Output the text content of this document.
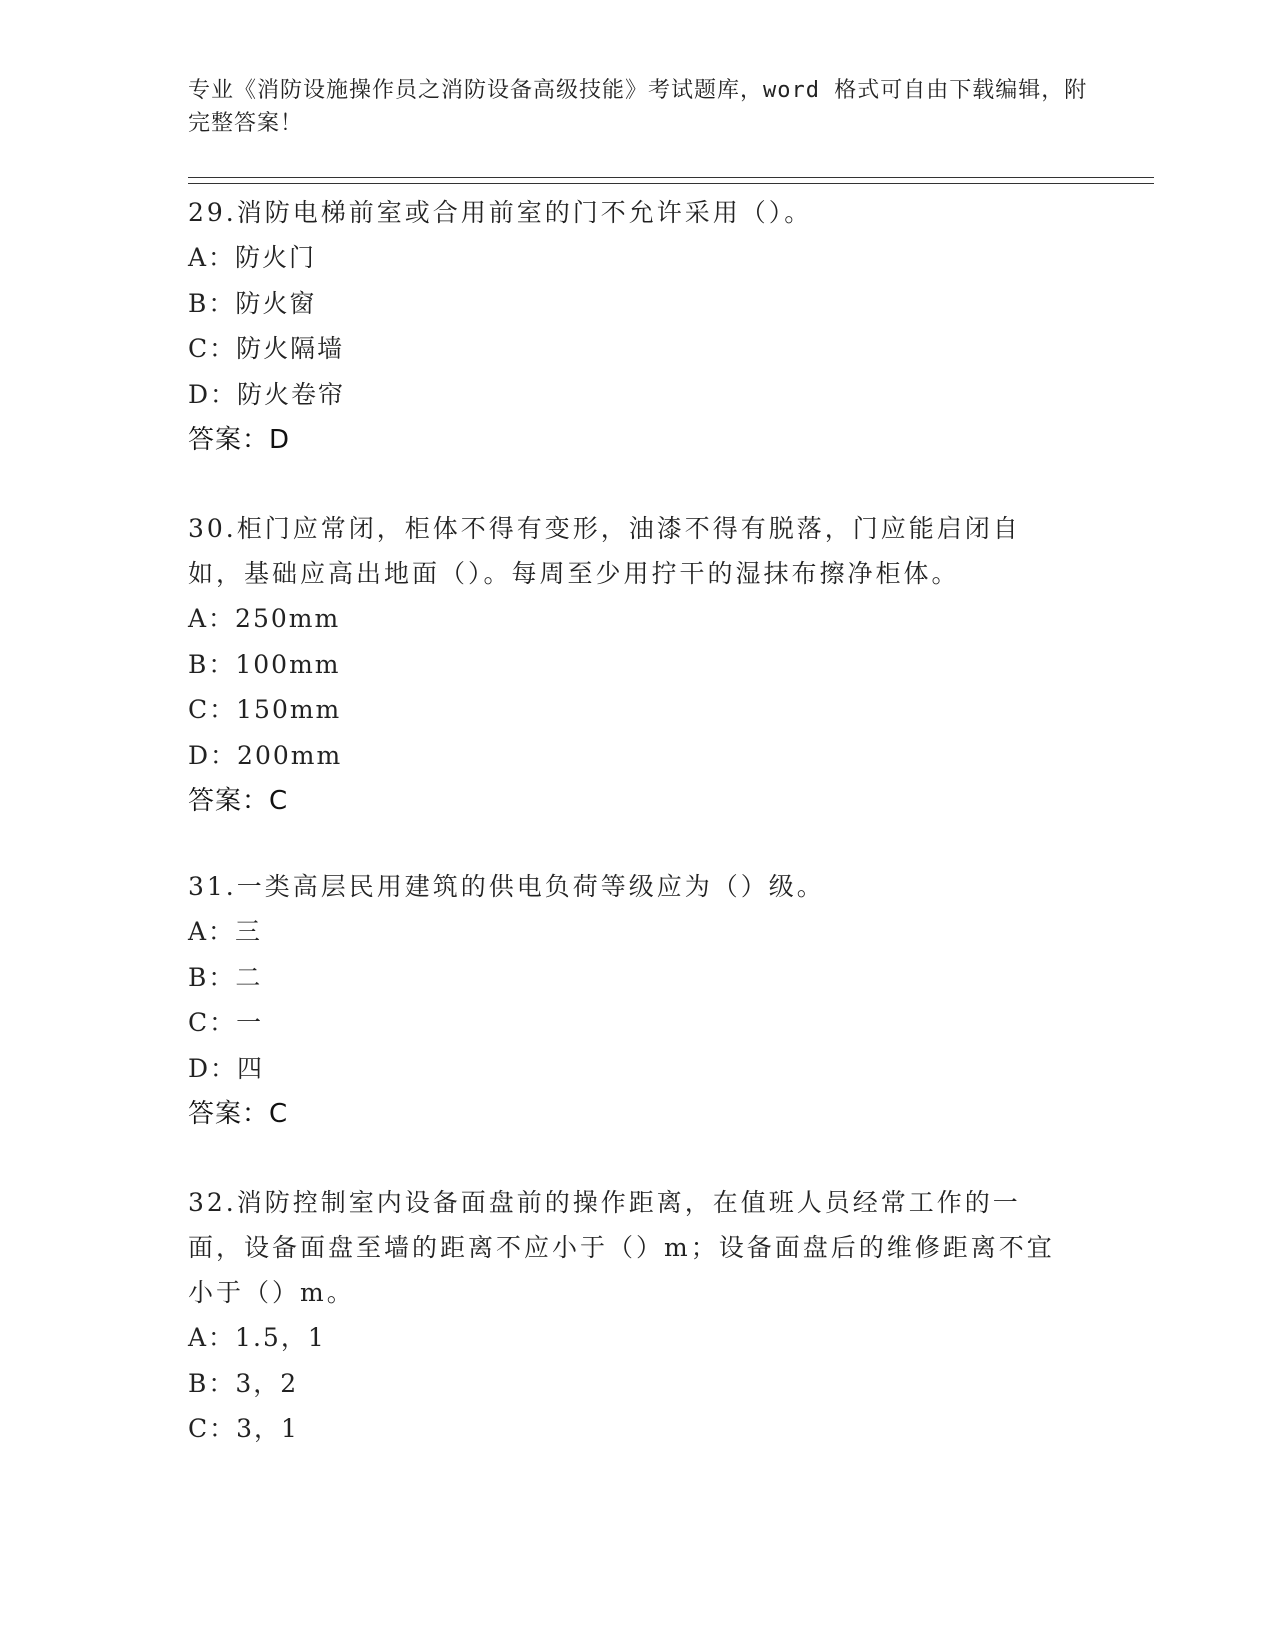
专业《消防设施操作员之消防设备高级技能》考试题库，word 格式可自由下载编辑，附完整答案！
29.消防电梯前室或合用前室的门不允许采用（）。
A：防火门
B：防火窗
C：防火隔墙
D：防火卷帘
答案：D
30.柜门应常闭，柜体不得有变形，油漆不得有脱落，门应能启闭自如，基础应高出地面（）。每周至少用拧干的湿抹布擦净柜体。
A：250mm
B：100mm
C：150mm
D：200mm
答案：C
31.一类高层民用建筑的供电负荷等级应为（）级。
A：三
B：二
C：一
D：四
答案：C
32.消防控制室内设备面盘前的操作距离，在值班人员经常工作的一面，设备面盘至墙的距离不应小于（）m；设备面盘后的维修距离不宜小于（）m。
A：1.5，1
B：3，2
C：3，1
